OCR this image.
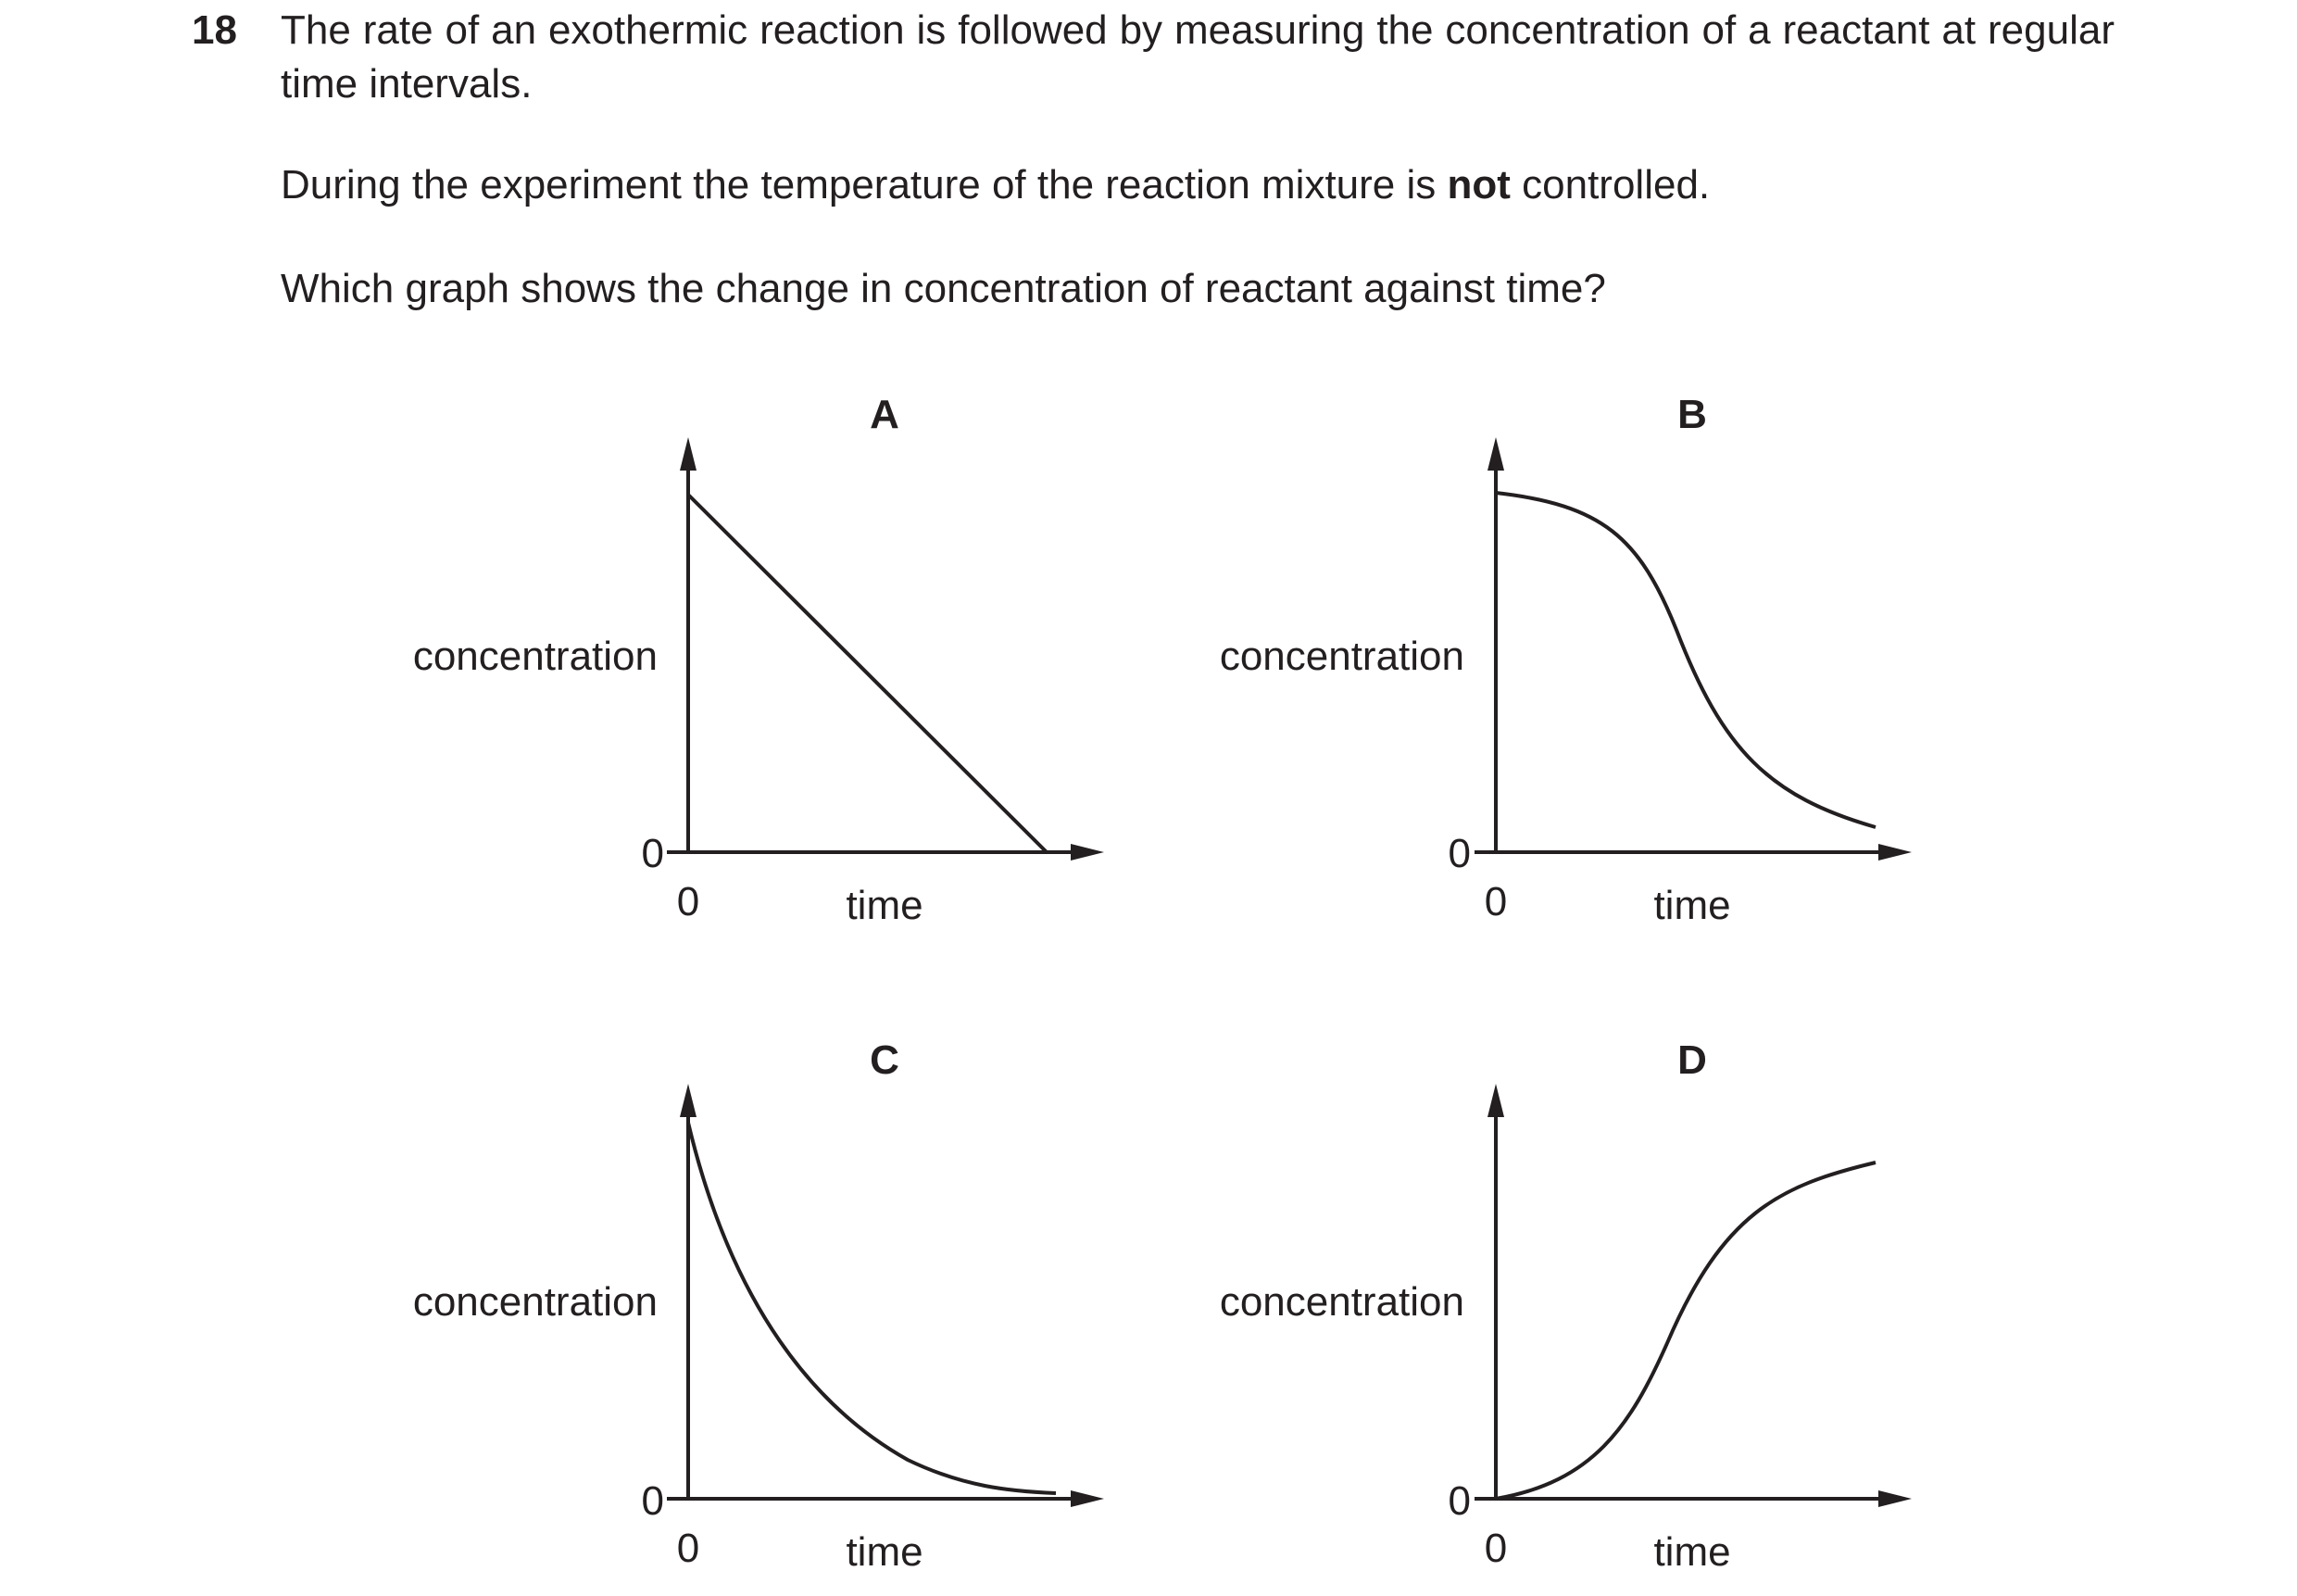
18 The rate of an exothermic reaction is followed by measuring the concentration of a reactant at regular time intervals.

During the experiment the temperature of the reaction mixture is not controlled.

Which graph shows the change in concentration of reactant against time?

A
concentration
time
0
0
B
concentration
time
0
0
C
concentration
time
0
0
D
concentration
time
0
0
